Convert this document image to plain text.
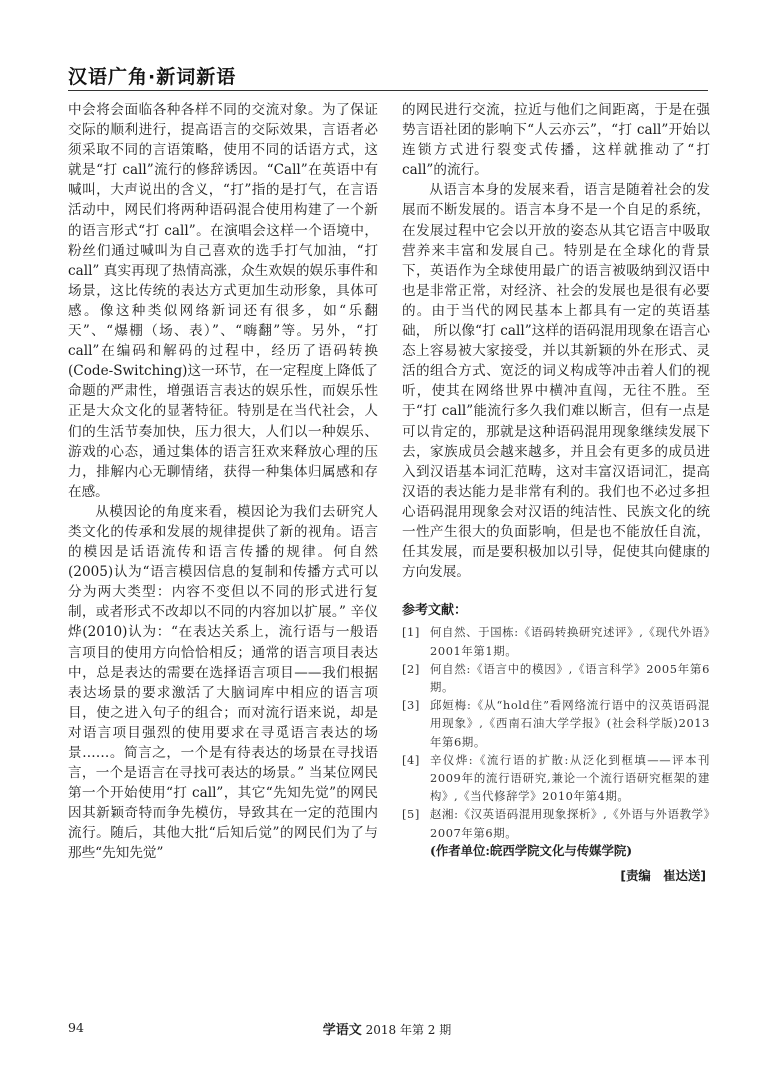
汉语广角·新词新语

中会将会面临各种各样不同的交流对象。为了保证交际的顺利进行，提高语言的交际效果，言语者必须采取不同的言语策略，使用不同的话语方式，这就是“打 call”流行的修辞诱因。“Call”在英语中有喊叫，大声说出的含义，“打”指的是打气，在言语活动中，网民们将两种语码混合使用构建了一个新的语言形式“打 call”。在演唱会这样一个语境中，粉丝们通过喊叫为自己喜欢的选手打气加油，“打 call” 真实再现了热情高涨，众生欢娱的娱乐事件和场景，这比传统的表达方式更加生动形象，具体可感。像这种类似网络新词还有很多，如“乐翻天”、“爆棚（场、表）”、“嗨翻”等。另外，“打 call”在编码和解码的过程中，经历了语码转换(Code-Switching)这一环节，在一定程度上降低了命题的严肃性，增强语言表达的娱乐性，而娱乐性正是大众文化的显著特征。特别是在当代社会，人们的生活节奏加快，压力很大，人们以一种娱乐、游戏的心态，通过集体的语言狂欢来释放心理的压力，排解内心无聊情绪，获得一种集体归属感和存在感。

从模因论的角度来看，模因论为我们去研究人类文化的传承和发展的规律提供了新的视角。语言的模因是话语流传和语言传播的规律。何自然(2005)认为“语言模因信息的复制和传播方式可以分为两大类型：内容不变但以不同的形式进行复制，或者形式不改却以不同的内容加以扩展。” 辛仪烨(2010)认为：“在表达关系上，流行语与一般语言项目的使用方向恰恰相反；通常的语言项目表达中，总是表达的需要在选择语言项目——我们根据表达场景的要求激活了大脑词库中相应的语言项目，使之进入句子的组合；而对流行语来说，却是对语言项目强烈的使用要求在寻觅语言表达的场景……。简言之，一个是有待表达的场景在寻找语言，一个是语言在寻找可表达的场景。” 当某位网民第一个开始使用“打 call”，其它“先知先觉”的网民因其新颖奇特而争先模仿，导致其在一定的范围内流行。随后，其他大批“后知后觉”的网民们为了与那些“先知先觉”

的网民进行交流，拉近与他们之间距离，于是在强势言语社团的影响下“人云亦云”，“打 call”开始以连锁方式进行裂变式传播，这样就推动了“打 call”的流行。

从语言本身的发展来看，语言是随着社会的发展而不断发展的。语言本身不是一个自足的系统，在发展过程中它会以开放的姿态从其它语言中吸取营养来丰富和发展自己。特别是在全球化的背景下，英语作为全球使用最广的语言被吸纳到汉语中也是非常正常，对经济、社会的发展也是很有必要的。由于当代的网民基本上都具有一定的英语基础， 所以像“打 call”这样的语码混用现象在语言心态上容易被大家接受，并以其新颖的外在形式、灵活的组合方式、宽泛的词义构成等冲击着人们的视听，使其在网络世界中横冲直闯，无往不胜。至于“打 call”能流行多久我们难以断言，但有一点是可以肯定的，那就是这种语码混用现象继续发展下去，家族成员会越来越多，并且会有更多的成员进入到汉语基本词汇范畴，这对丰富汉语词汇，提高汉语的表达能力是非常有利的。我们也不必过多担心语码混用现象会对汉语的纯洁性、民族文化的统一性产生很大的负面影响，但是也不能放任自流，任其发展，而是要积极加以引导，促使其向健康的方向发展。

参考文献：
[1] 何自然、于国栋:《语码转换研究述评》,《现代外语》2001年第1期。
[2] 何自然:《语言中的模因》,《语言科学》2005年第6期。
[3] 邱姮梅:《从“hold住”看网络流行语中的汉英语码混用现象》,《西南石油大学学报》(社会科学版)2013年第6期。
[4] 辛仪烨:《流行语的扩散:从泛化到框填——评本刊2009年的流行语研究,兼论一个流行语研究框架的建构》,《当代修辞学》2010年第4期。
[5] 赵湘:《汉英语码混用现象探析》,《外语与外语教学》2007年第6期。
(作者单位:皖西学院文化与传媒学院)
[责编　崔达送]
94	学语文 2018 年第 2 期
